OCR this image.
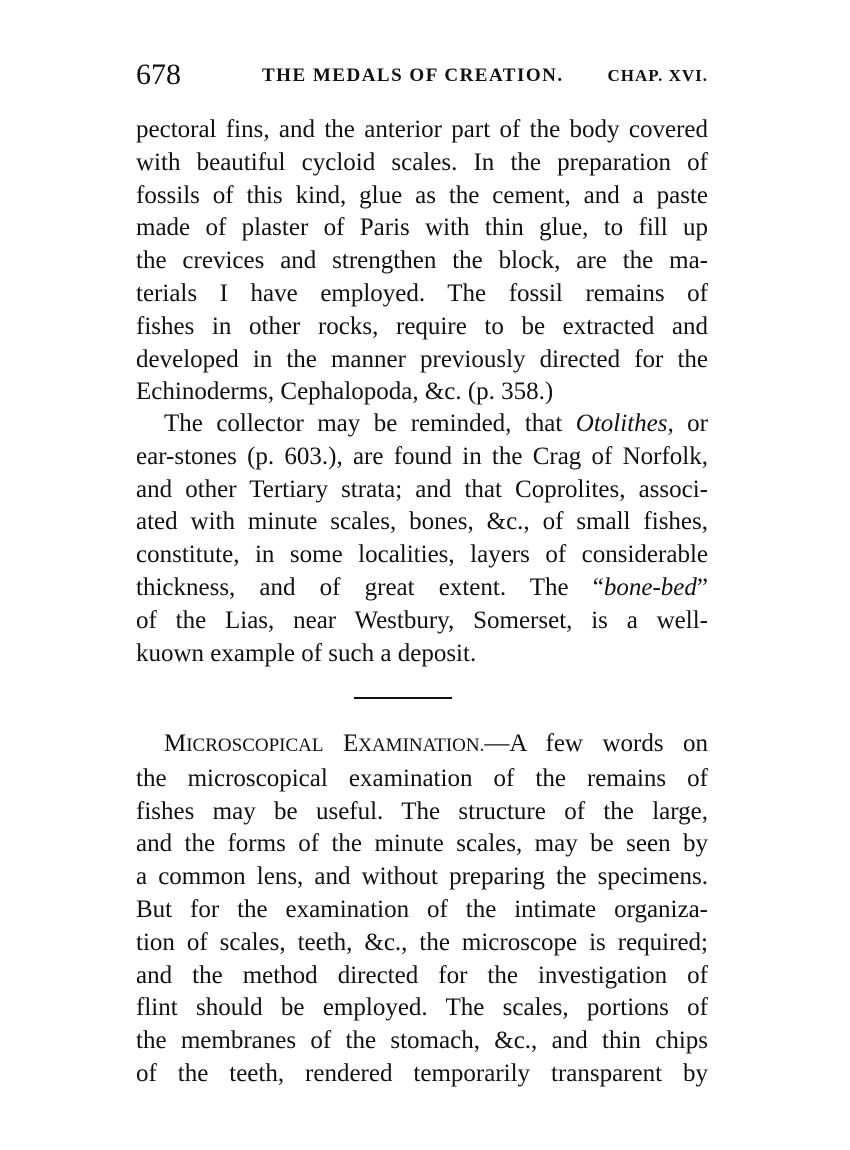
678	THE MEDALS OF CREATION.	CHAP. XVI.
pectoral fins, and the anterior part of the body covered
with beautiful cycloid scales. In the preparation of
fossils of this kind, glue as the cement, and a paste
made of plaster of Paris with thin glue, to fill up
the crevices and strengthen the block, are the ma-
terials I have employed. The fossil remains of
fishes in other rocks, require to be extracted and
developed in the manner previously directed for the
Echinoderms, Cephalopoda, &c. (p. 358.)
The collector may be reminded, that Otolithes, or
ear-stones (p. 603.), are found in the Crag of Norfolk,
and other Tertiary strata; and that Coprolites, associ-
ated with minute scales, bones, &c., of small fishes,
constitute, in some localities, layers of considerable
thickness, and of great extent. The “bone-bed”
of the Lias, near Westbury, Somerset, is a well-
kuown example of such a deposit.
MICROSCOPICAL EXAMINATION.—A few words on
the microscopical examination of the remains of
fishes may be useful. The structure of the large,
and the forms of the minute scales, may be seen by
a common lens, and without preparing the specimens.
But for the examination of the intimate organiza-
tion of scales, teeth, &c., the microscope is required;
and the method directed for the investigation of
flint should be employed. The scales, portions of
the membranes of the stomach, &c., and thin chips
of the teeth, rendered temporarily transparent by
